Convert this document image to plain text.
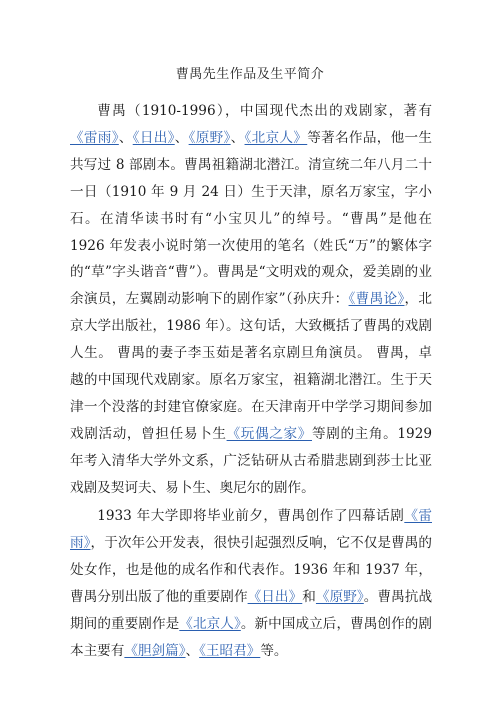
曹禺先生作品及生平简介

曹禺（1910-1996），中国现代杰出的戏剧家，著有《雷雨》、《日出》、《原野》、《北京人》等著名作品，他一生共写过 8 部剧本。曹禺祖籍湖北潜江。清宣统二年八月二十一日（1910 年 9 月 24 日）生于天津，原名万家宝，字小石。在清华读书时有“小宝贝儿”的绰号。“曹禺”是他在 1926 年发表小说时第一次使用的笔名（姓氏“万”的繁体字的“草”字头谐音“曹”）。曹禺是“文明戏的观众，爱美剧的业余演员，左翼剧动影响下的剧作家”（孙庆升：《曹禺论》，北京大学出版社，1986 年）。这句话，大致概括了曹禺的戏剧人生。 曹禺的妻子李玉茹是著名京剧旦角演员。 曹禺，卓越的中国现代戏剧家。原名万家宝，祖籍湖北潜江。生于天津一个没落的封建官僚家庭。在天津南开中学学习期间参加戏剧活动，曾担任易卜生《玩偶之家》等剧的主角。1929 年考入清华大学外文系，广泛钻研从古希腊悲剧到莎士比亚戏剧及契诃夫、易卜生、奥尼尔的剧作。

1933 年大学即将毕业前夕，曹禺创作了四幕话剧《雷雨》，于次年公开发表，很快引起强烈反响，它不仅是曹禺的处女作，也是他的成名作和代表作。1936 年和 1937 年，曹禺分别出版了他的重要剧作《日出》和《原野》。曹禺抗战期间的重要剧作是《北京人》。新中国成立后，曹禺创作的剧本主要有《胆剑篇》、《王昭君》等。
